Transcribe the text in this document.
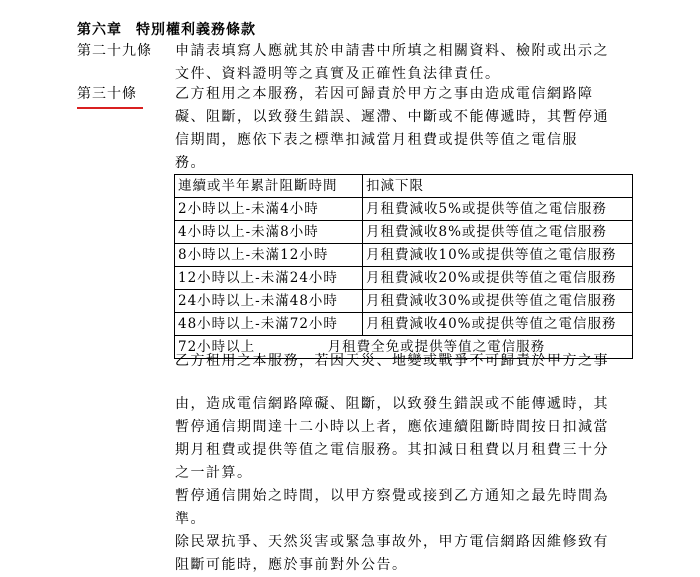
第六章 特別權利義務條款
第二十九條 申請表填寫人應就其於申請書中所填之相關資料、檢附或出示之

文件、資料證明等之真實及正確性負法律責任。

第三十條	乙方租用之本服務，若因可歸責於甲方之事由造成電信網路障

礙、阻斷，以致發生錯誤、遲滯、中斷或不能傳遞時，其暫停通

信期間，應依下表之標準扣減當月租費或提供等值之電信服

務。

連續或半年累計阻斷時間	扣減下限
2小時以上-未滿4小時	月租費減收5%或提供等值之電信服務
4小時以上-未滿8小時	月租費減收8%或提供等值之電信服務
8小時以上-未滿12小時	月租費減收10%或提供等值之電信服務
12小時以上-未滿24小時	月租費減收20%或提供等值之電信服務
24小時以上-未滿48小時	月租費減收30%或提供等值之電信服務
48小時以上-未滿72小時	月租費減收40%或提供等值之電信服務
72小時以上　　　　　月租費全免或提供等值之電信服務	

乙方租用之本服務，若因天災、地變或戰爭不可歸責於甲方之事

由，造成電信網路障礙、阻斷，以致發生錯誤或不能傳遞時，其

暫停通信期間達十二小時以上者，應依連續阻斷時間按日扣減當

期月租費或提供等值之電信服務。其扣減日租費以月租費三十分

之一計算。

暫停通信開始之時間，以甲方察覺或接到乙方通知之最先時間為

準。

除民眾抗爭、天然災害或緊急事故外，甲方電信網路因維修致有

阻斷可能時，應於事前對外公告。
